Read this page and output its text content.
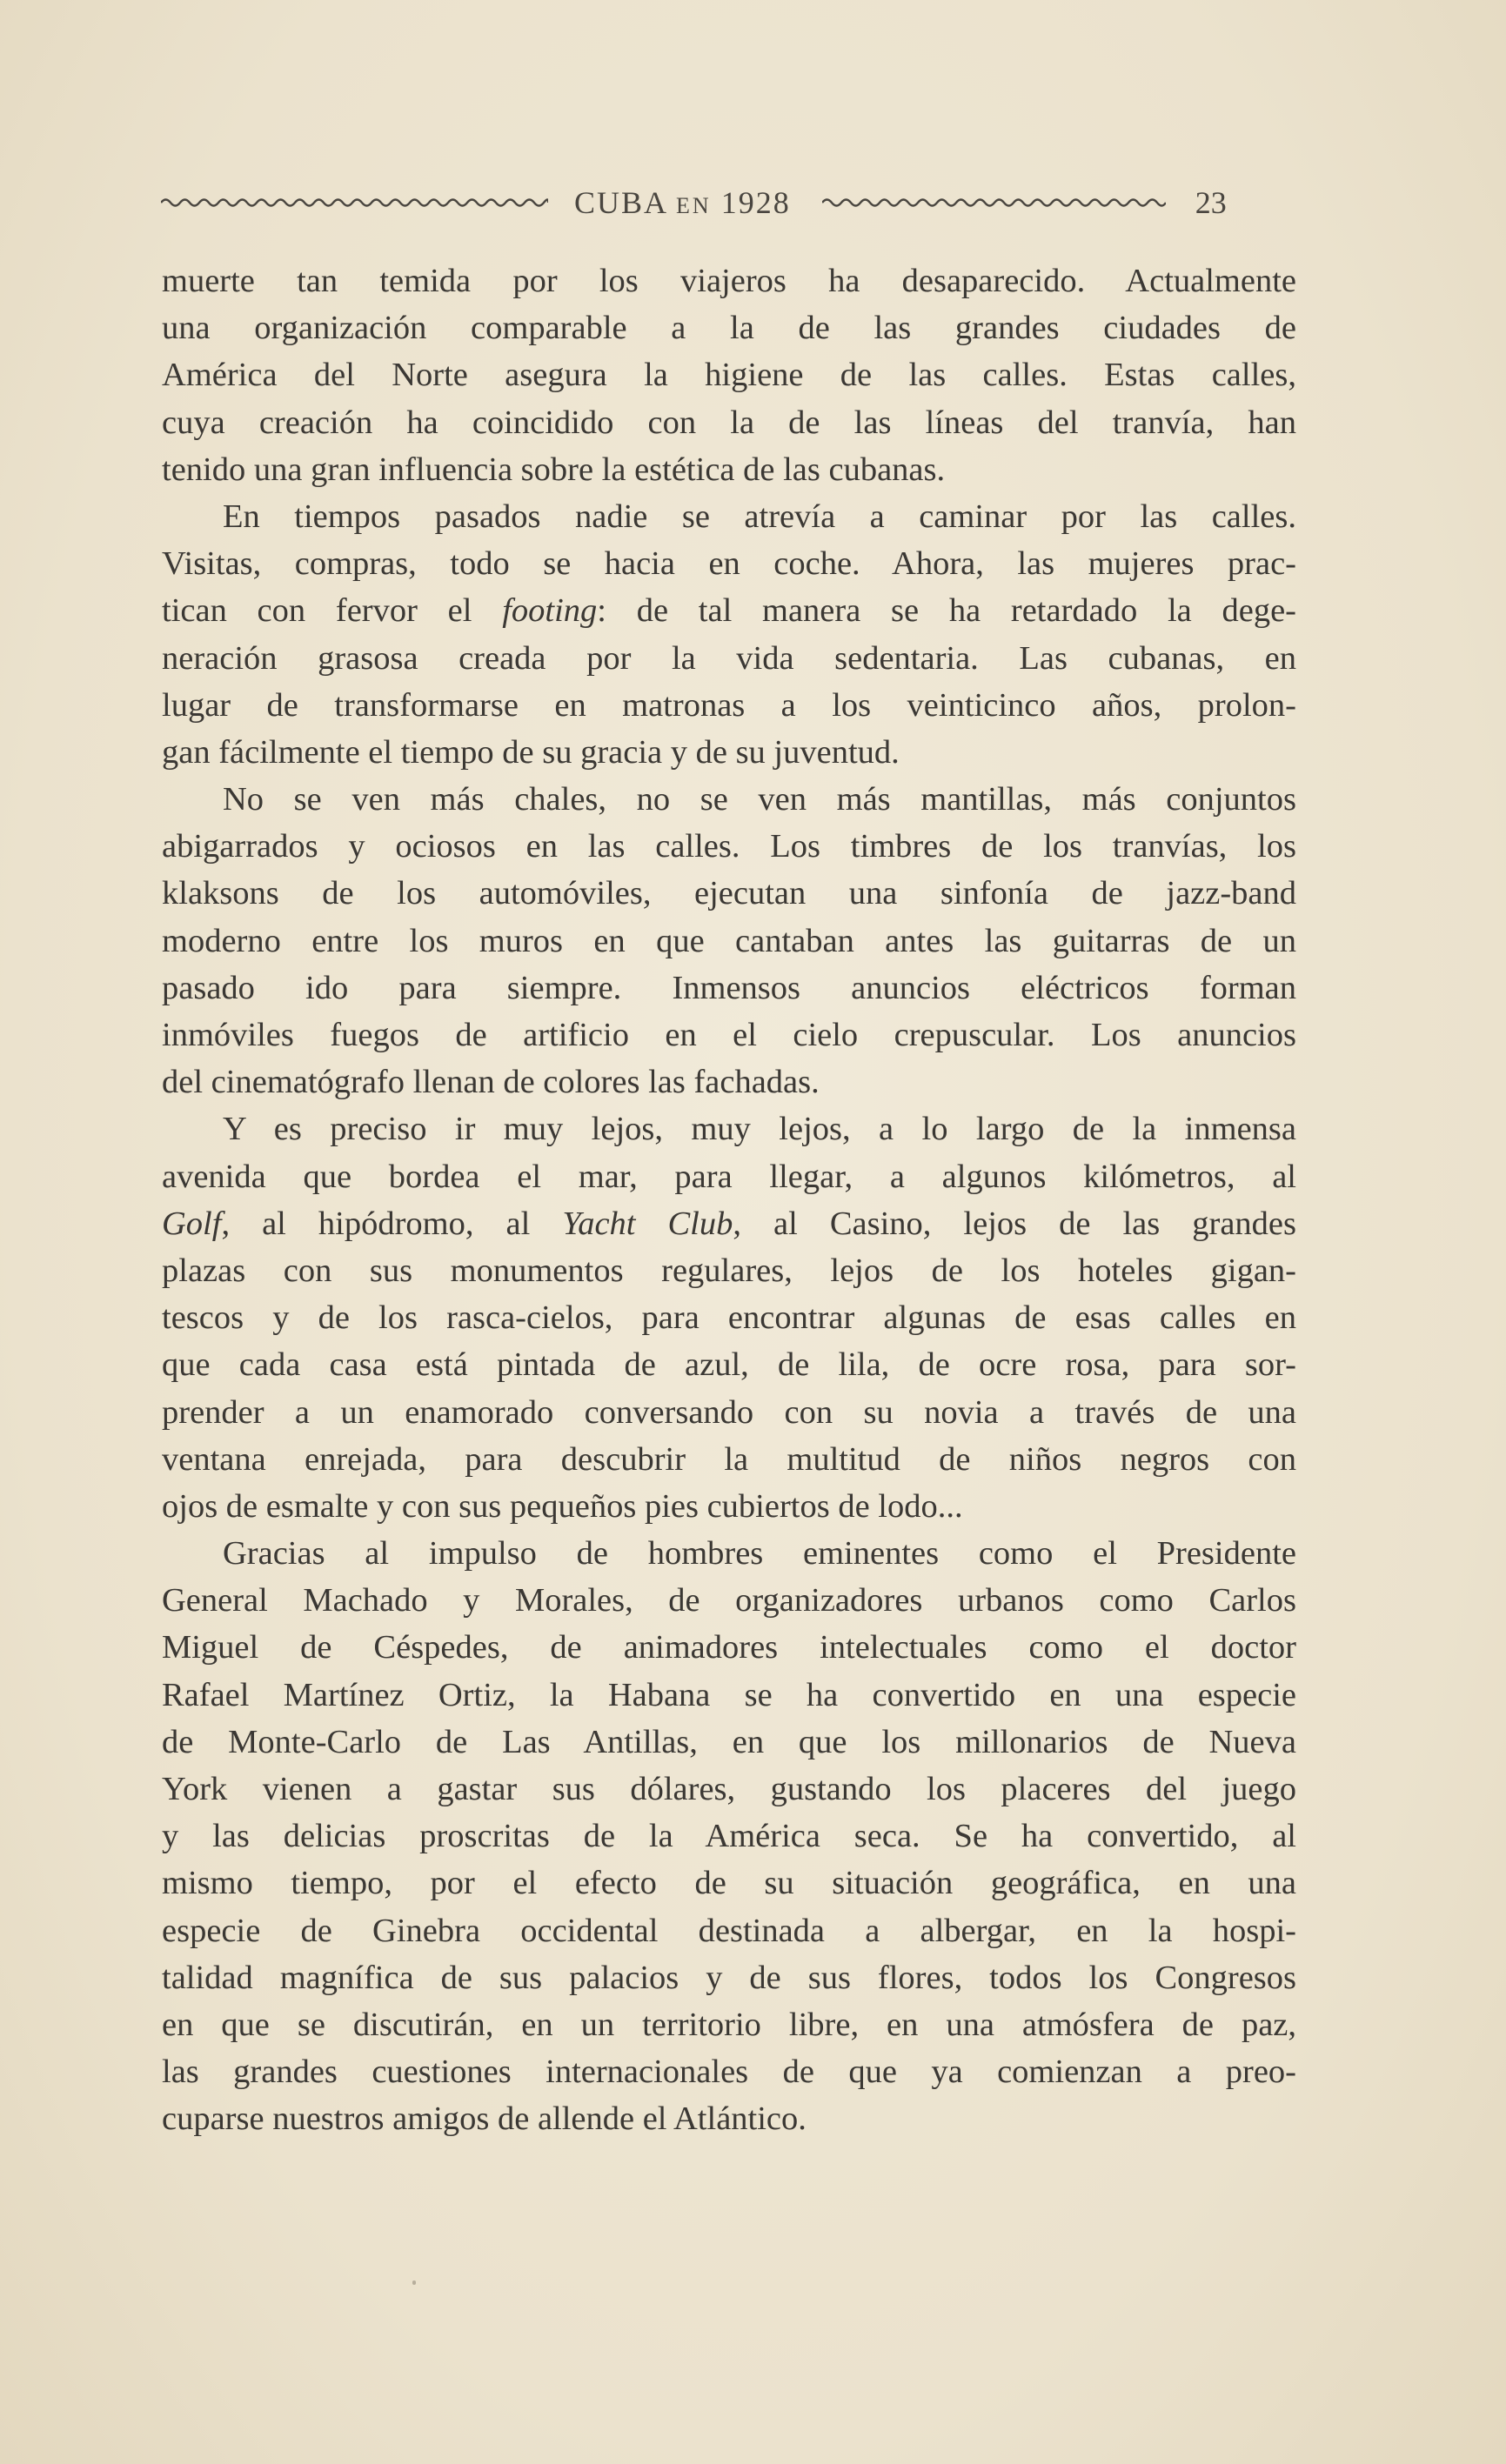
CUBA EN 1928	23
muerte tan temida por los viajeros ha desaparecido. Actualmente
una organización comparable a la de las grandes ciudades de
América del Norte asegura la higiene de las calles. Estas calles,
cuya creación ha coincidido con la de las líneas del tranvía, han
tenido una gran influencia sobre la estética de las cubanas.
En tiempos pasados nadie se atrevía a caminar por las calles.
Visitas, compras, todo se hacia en coche. Ahora, las mujeres prac-
tican con fervor el footing: de tal manera se ha retardado la dege-
neración grasosa creada por la vida sedentaria. Las cubanas, en
lugar de transformarse en matronas a los veinticinco años, prolon-
gan fácilmente el tiempo de su gracia y de su juventud.
No se ven más chales, no se ven más mantillas, más conjuntos
abigarrados y ociosos en las calles. Los timbres de los tranvías, los
klaksons de los automóviles, ejecutan una sinfonía de jazz-band
moderno entre los muros en que cantaban antes las guitarras de un
pasado ido para siempre. Inmensos anuncios eléctricos forman
inmóviles fuegos de artificio en el cielo crepuscular. Los anuncios
del cinematógrafo llenan de colores las fachadas.
Y es preciso ir muy lejos, muy lejos, a lo largo de la inmensa
avenida que bordea el mar, para llegar, a algunos kilómetros, al
Golf, al hipódromo, al Yacht Club, al Casino, lejos de las grandes
plazas con sus monumentos regulares, lejos de los hoteles gigan-
tescos y de los rasca-cielos, para encontrar algunas de esas calles en
que cada casa está pintada de azul, de lila, de ocre rosa, para sor-
prender a un enamorado conversando con su novia a través de una
ventana enrejada, para descubrir la multitud de niños negros con
ojos de esmalte y con sus pequeños pies cubiertos de lodo...
Gracias al impulso de hombres eminentes como el Presidente
General Machado y Morales, de organizadores urbanos como Carlos
Miguel de Céspedes, de animadores intelectuales como el doctor
Rafael Martínez Ortiz, la Habana se ha convertido en una especie
de Monte-Carlo de Las Antillas, en que los millonarios de Nueva
York vienen a gastar sus dólares, gustando los placeres del juego
y las delicias proscritas de la América seca. Se ha convertido, al
mismo tiempo, por el efecto de su situación geográfica, en una
especie de Ginebra occidental destinada a albergar, en la hospi-
talidad magnífica de sus palacios y de sus flores, todos los Congresos
en que se discutirán, en un territorio libre, en una atmósfera de paz,
las grandes cuestiones internacionales de que ya comienzan a preo-
cuparse nuestros amigos de allende el Atlántico.
